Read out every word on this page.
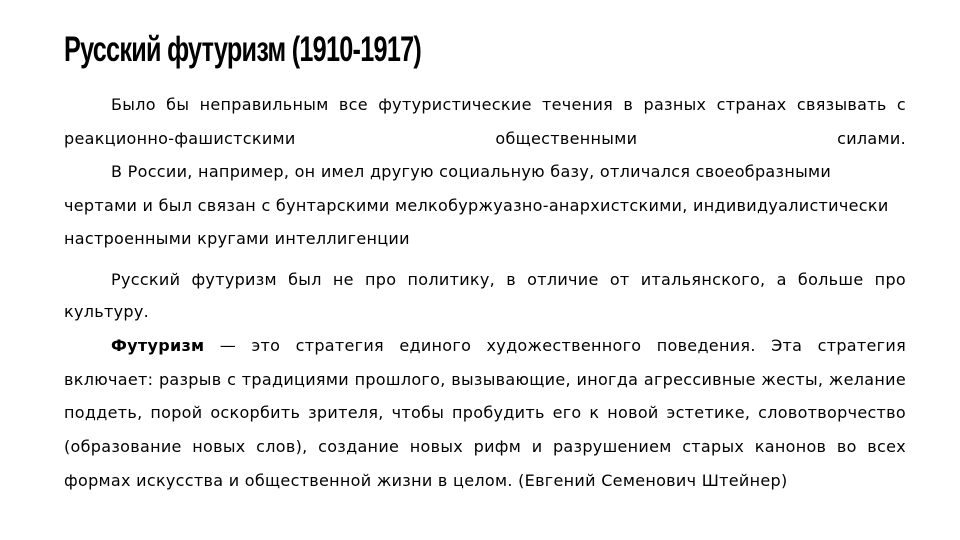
Русский футуризм (1910-1917)

Было бы неправильным все футуристические течения в разных странах связывать с реакционно-фашистскими общественными силами.
В России, например, он имел другую социальную базу, отличался своеобразными чертами и был связан с бунтарскими мелкобуржуазно-анархистскими, индивидуалистически настроенными кругами интеллигенции

Русский футуризм был не про политику, в отличие от итальянского, а больше про культуру.

Футуризм — это стратегия единого художественного поведения. Эта стратегия включает: разрыв с традициями прошлого, вызывающие, иногда агрессивные жесты, желание поддеть, порой оскорбить зрителя, чтобы пробудить его к новой эстетике, словотворчество (образование новых слов), создание новых рифм и разрушением старых канонов во всех формах искусства и общественной жизни в целом. (Евгений Семенович Штейнер)
